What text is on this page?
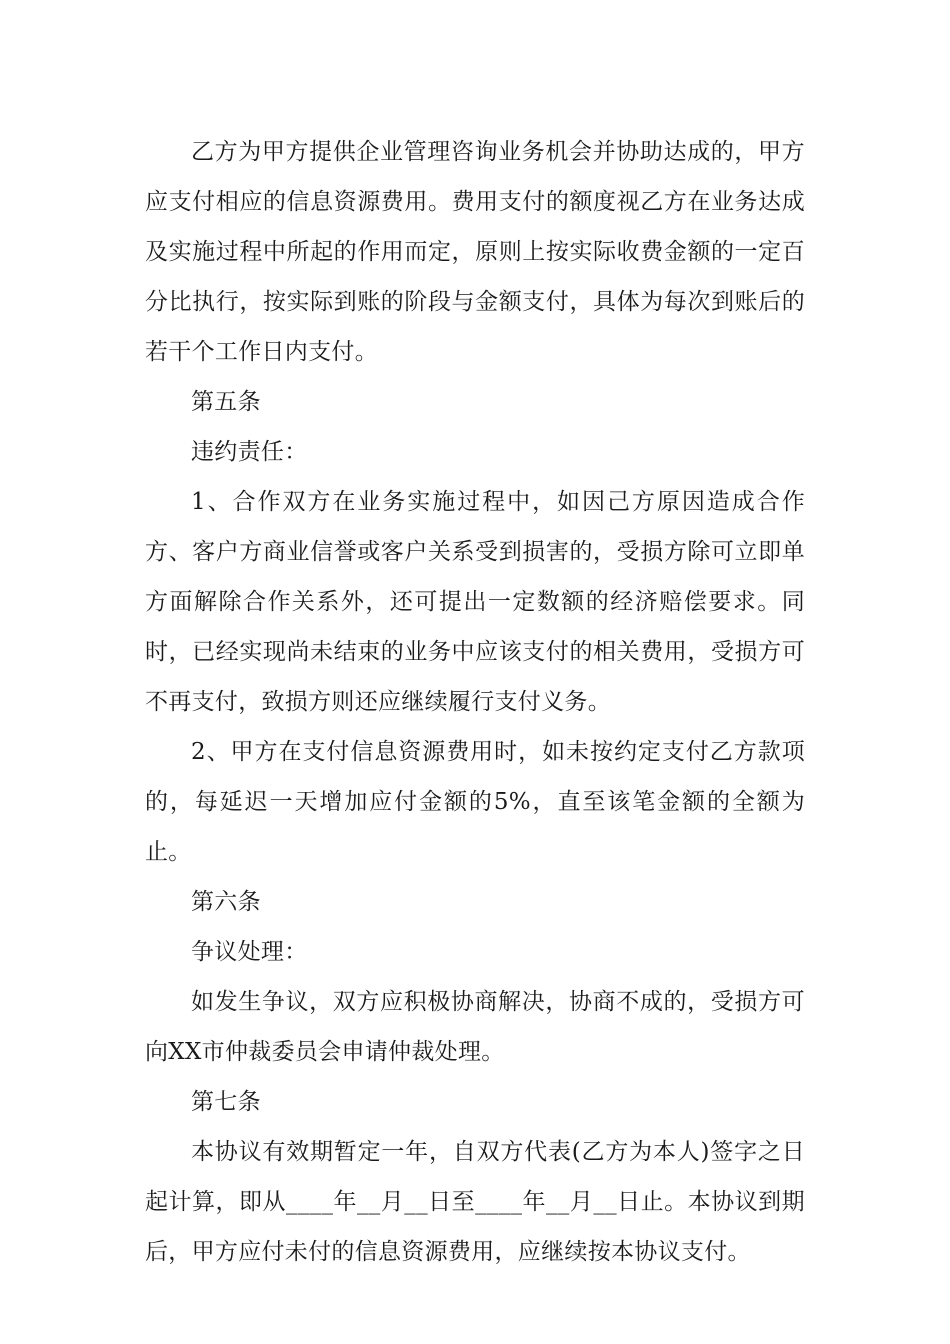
乙方为甲方提供企业管理咨询业务机会并协助达成的，甲方应支付相应的信息资源费用。费用支付的额度视乙方在业务达成及实施过程中所起的作用而定，原则上按实际收费金额的一定百分比执行，按实际到账的阶段与金额支付，具体为每次到账后的若干个工作日内支付。

第五条

违约责任：

1、合作双方在业务实施过程中，如因己方原因造成合作方、客户方商业信誉或客户关系受到损害的，受损方除可立即单方面解除合作关系外，还可提出一定数额的经济赔偿要求。同时，已经实现尚未结束的业务中应该支付的相关费用，受损方可不再支付，致损方则还应继续履行支付义务。

2、甲方在支付信息资源费用时，如未按约定支付乙方款项的，每延迟一天增加应付金额的5%，直至该笔金额的全额为止。

第六条

争议处理：

如发生争议，双方应积极协商解决，协商不成的，受损方可向XX市仲裁委员会申请仲裁处理。

第七条

本协议有效期暂定一年，自双方代表(乙方为本人)签字之日起计算，即从____年__月__日至____年__月__日止。本协议到期后，甲方应付未付的信息资源费用，应继续按本协议支付。
